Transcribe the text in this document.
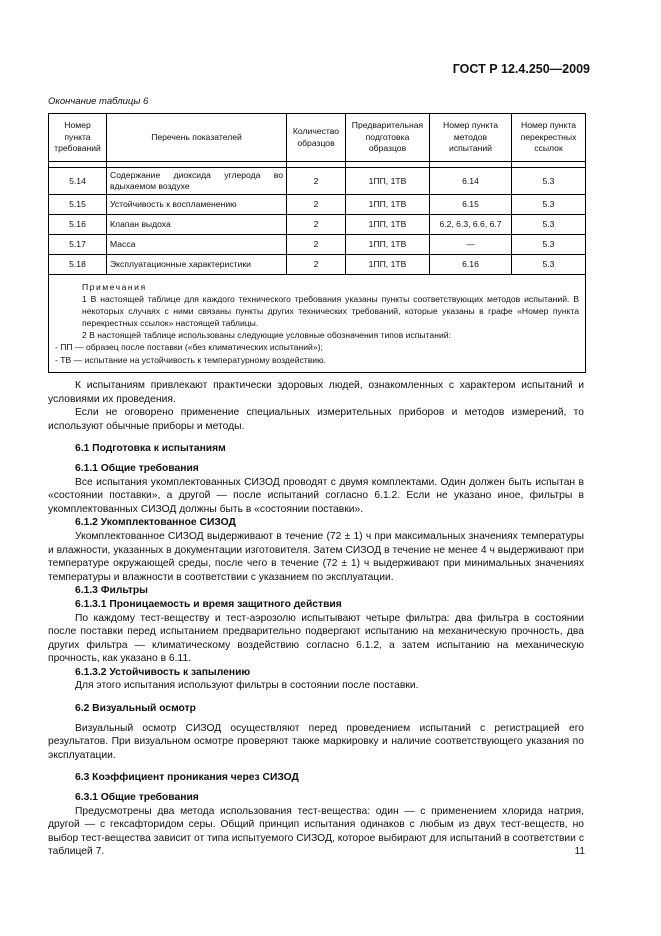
ГОСТ Р 12.4.250—2009
Окончание таблицы 6
Номер пункта требований	Перечень показателей	Количество образцов	Предварительная подготовка образцов	Номер пункта методов испытаний	Номер пункта перекрестных ссылок

5.14	Содержание диоксида углерода во вдыхаемом воздухе	2	1ПП, 1ТВ	6.14	5.3
5.15	Устойчивость к воспламенению	2	1ПП, 1ТВ	6.15	5.3
5.16	Клапан выдоха	2	1ПП, 1ТВ	6.2, 6.3, 6.6, 6.7	5.3
5.17	Масса	2	1ПП, 1ТВ	—	5.3
5.18	Эксплуатационные характеристики	2	1ПП, 1ТВ	6.16	5.3

Примечания
1 В настоящей таблице для каждого технического требования указаны пункты соответствующих методов испытаний. В некоторых случаях с ними связаны пункты других технических требований, которые указаны в графе «Номер пункта перекрестных ссылок» настоящей таблицы.
2 В настоящей таблице использованы следующие условные обозначения типов испытаний:
- ПП — образец после поставки («без климатических испытаний»);
- ТВ — испытание на устойчивость к температурному воздействию.					

К испытаниям привлекают практически здоровых людей, ознакомленных с характером испытаний и условиями их проведения.

Если не оговорено применение специальных измерительных приборов и методов измерений, то используют обычные приборы и методы.

6.1 Подготовка к испытаниям

6.1.1 Общие требования

Все испытания укомплектованных СИЗОД проводят с двумя комплектами. Один должен быть испытан в «состоянии поставки», а другой — после испытаний согласно 6.1.2. Если не указано иное, фильтры в укомплектованных СИЗОД должны быть в «состоянии поставки».

6.1.2 Укомплектованное СИЗОД

Укомплектованное СИЗОД выдерживают в течение (72 ± 1) ч при максимальных значениях температуры и влажности, указанных в документации изготовителя. Затем СИЗОД в течение не менее 4 ч выдерживают при температуре окружающей среды, после чего в течение (72 ± 1) ч выдерживают при минимальных значениях температуры и влажности в соответствии с указанием по эксплуатации.

6.1.3 Фильтры

6.1.3.1 Проницаемость и время защитного действия

По каждому тест-веществу и тест-аэрозолю испытывают четыре фильтра: два фильтра в состоянии после поставки перед испытанием предварительно подвергают испытанию на механическую прочность, два других фильтра — климатическому воздействию согласно 6.1.2, а затем испытанию на механическую прочность, как указано в 6.11.

6.1.3.2 Устойчивость к запылению

Для этого испытания используют фильтры в состоянии после поставки.

6.2 Визуальный осмотр

Визуальный осмотр СИЗОД осуществляют перед проведением испытаний с регистрацией его результатов. При визуальном осмотре проверяют также маркировку и наличие соответствующего указания по эксплуатации.

6.3 Коэффициент проникания через СИЗОД

6.3.1 Общие требования

Предусмотрены два метода использования тест-вещества: один — с применением хлорида натрия, другой — с гексафторидом серы. Общий принцип испытания одинаков с любым из двух тест-веществ, но выбор тест-вещества зависит от типа испытуемого СИЗОД, которое выбирают для испытаний в соответствии с таблицей 7.	11
